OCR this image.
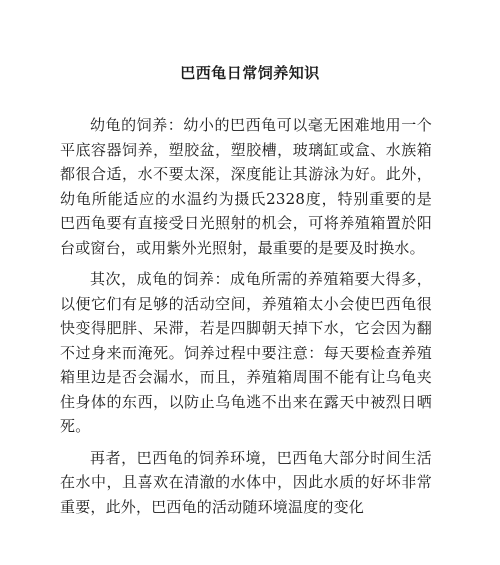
巴西龟日常饲养知识

幼龟的饲养：幼小的巴西龟可以毫无困难地用一个平底容器饲养，塑胶盆，塑胶槽，玻璃缸或盒、水族箱都很合适，水不要太深，深度能让其游泳为好。此外，幼龟所能适应的水温约为摄氏2328度，特别重要的是巴西龟要有直接受日光照射的机会，可将养殖箱置於阳台或窗台，或用紫外光照射，最重要的是要及时换水。

其次，成龟的饲养：成龟所需的养殖箱要大得多，以便它们有足够的活动空间，养殖箱太小会使巴西龟很快变得肥胖、呆滞，若是四脚朝天掉下水，它会因为翻不过身来而淹死。饲养过程中要注意：每天要检查养殖箱里边是否会漏水，而且，养殖箱周围不能有让乌龟夹住身体的东西，以防止乌龟逃不出来在露天中被烈日晒死。

再者，巴西龟的饲养环境，巴西龟大部分时间生活在水中，且喜欢在清澈的水体中，因此水质的好坏非常重要，此外，巴西龟的活动随环境温度的变化
